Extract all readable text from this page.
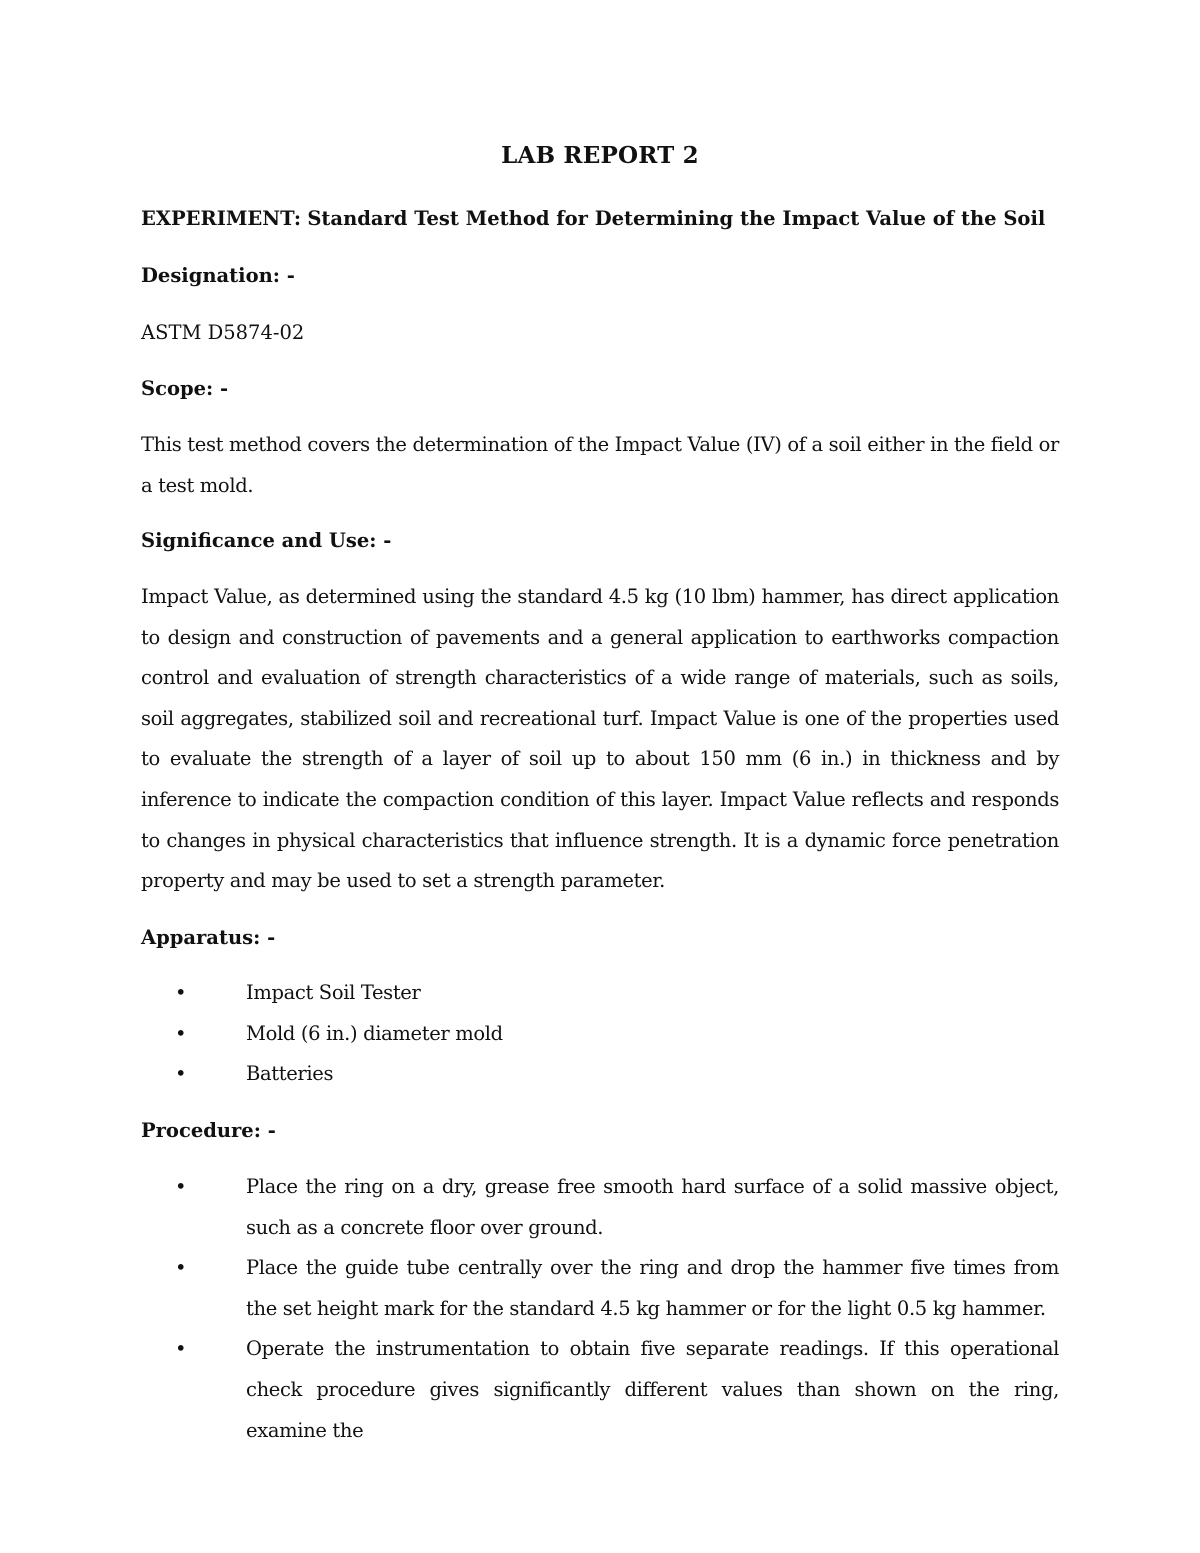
LAB REPORT 2
EXPERIMENT: Standard Test Method for Determining the Impact Value of the Soil
Designation: -
ASTM D5874-02
Scope: -
This test method covers the determination of the Impact Value (IV) of a soil either in the field or a test mold.
Significance and Use: -
Impact Value, as determined using the standard 4.5 kg (10 lbm) hammer, has direct application to design and construction of pavements and a general application to earthworks compaction control and evaluation of strength characteristics of a wide range of materials, such as soils, soil aggregates, stabilized soil and recreational turf. Impact Value is one of the properties used to evaluate the strength of a layer of soil up to about 150 mm (6 in.) in thickness and by inference to indicate the compaction condition of this layer. Impact Value reflects and responds to changes in physical characteristics that influence strength. It is a dynamic force penetration property and may be used to set a strength parameter.
Apparatus: -
•	Impact Soil Tester
•	Mold (6 in.) diameter mold
•	Batteries
Procedure: -
•	Place the ring on a dry, grease free smooth hard surface of a solid massive object, such as a concrete floor over ground.
•	Place the guide tube centrally over the ring and drop the hammer five times from the set height mark for the standard 4.5 kg hammer or for the light 0.5 kg hammer.
•	Operate the instrumentation to obtain five separate readings. If this operational check procedure gives significantly different values than shown on the ring, examine the
